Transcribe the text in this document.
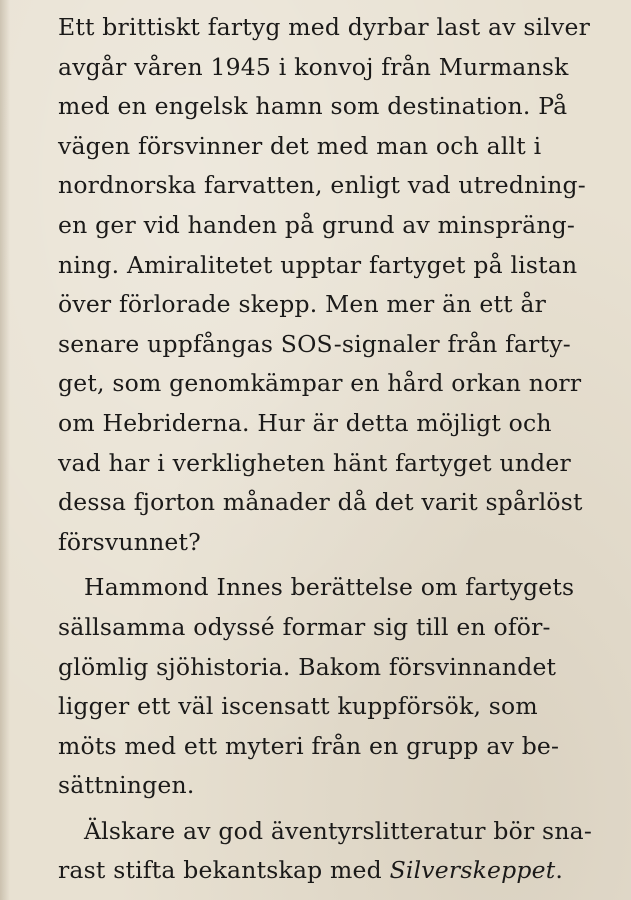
Ett brittiskt fartyg med dyrbar last av silver
avgår våren 1945 i konvoj från Murmansk
med en engelsk hamn som destination. På
vägen försvinner det med man och allt i
nordnorska farvatten, enligt vad utredning-
en ger vid handen på grund av minspräng-
ning. Amiralitetet upptar fartyget på listan
över förlorade skepp. Men mer än ett år
senare uppfångas SOS-signaler från farty-
get, som genomkämpar en hård orkan norr
om Hebriderna. Hur är detta möjligt och
vad har i verkligheten hänt fartyget under
dessa fjorton månader då det varit spårlöst
försvunnet?
Hammond Innes berättelse om fartygets
sällsamma odyssé formar sig till en oför-
glömlig sjöhistoria. Bakom försvinnandet
ligger ett väl iscensatt kuppförsök, som
möts med ett myteri från en grupp av be-
sättningen.
Älskare av god äventyrslitteratur bör sna-
rast stifta bekantskap med Silverskeppet.
